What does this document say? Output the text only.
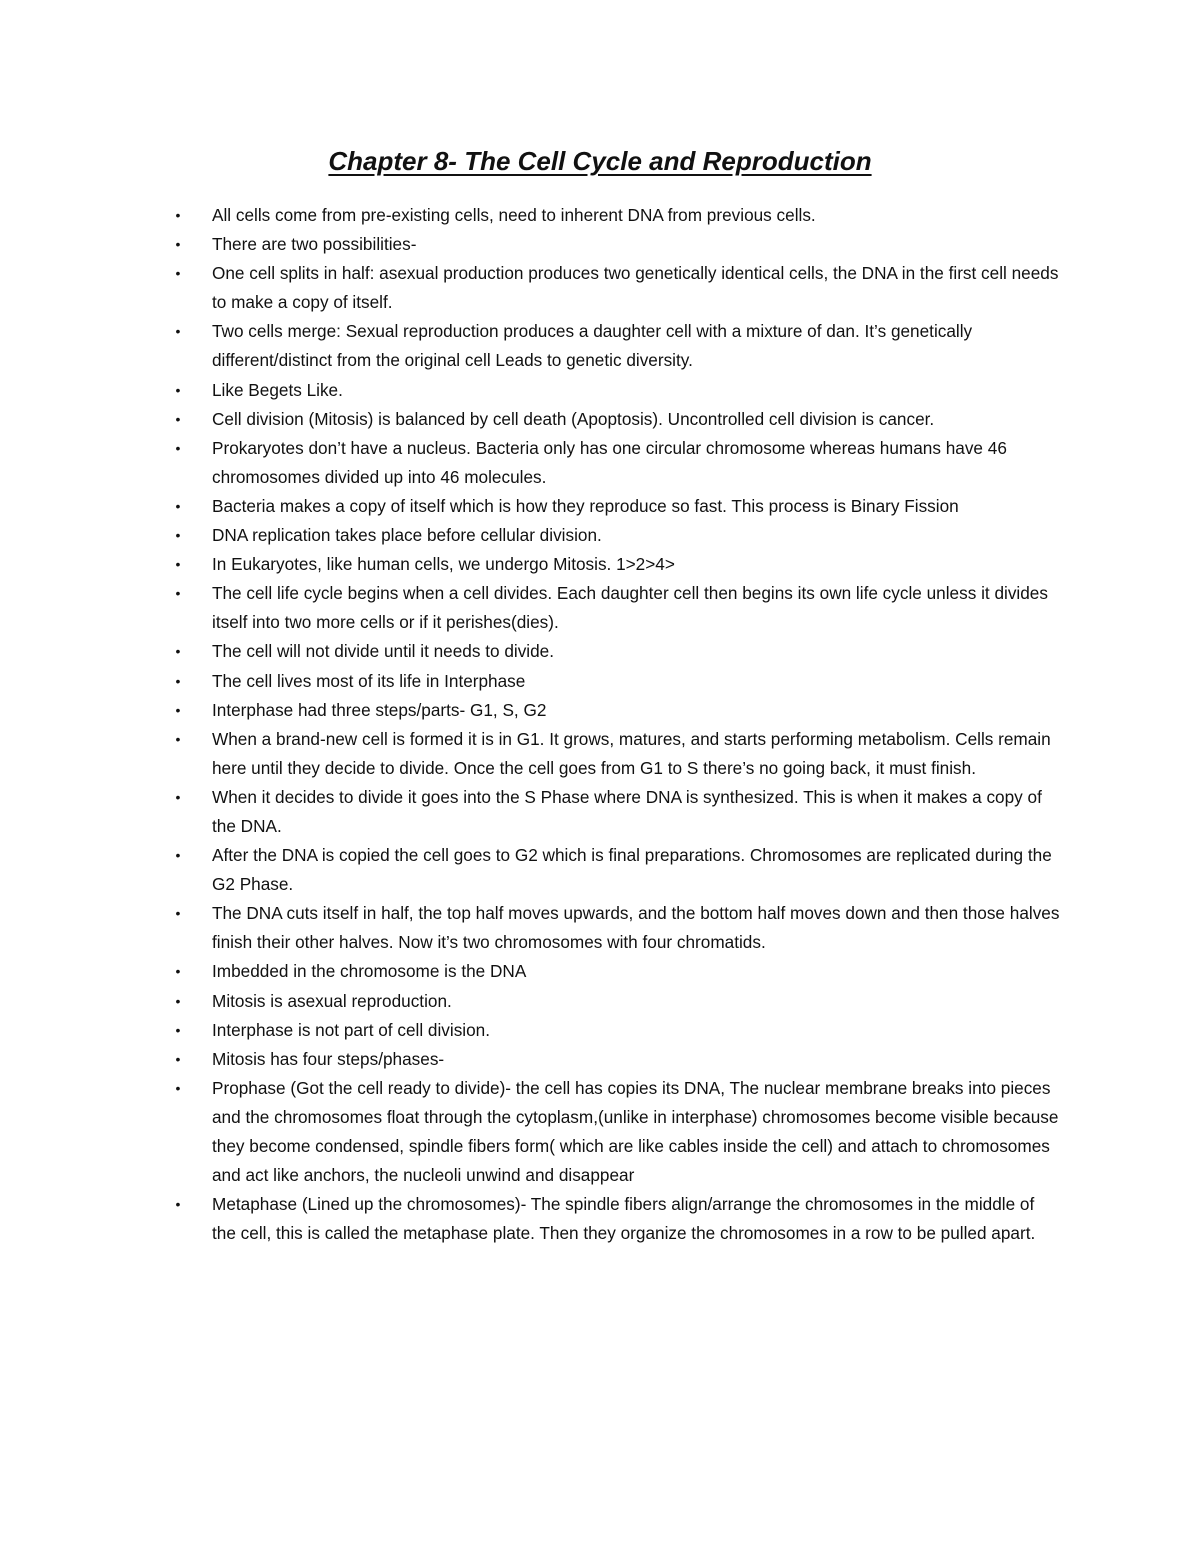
Chapter 8- The Cell Cycle and Reproduction
• All cells come from pre-existing cells, need to inherent DNA from previous cells.
• There are two possibilities-
• One cell splits in half: asexual production produces two genetically identical cells, the DNA in the first cell needs to make a copy of itself.
• Two cells merge: Sexual reproduction produces a daughter cell with a mixture of dan. It’s genetically different/distinct from the original cell Leads to genetic diversity.
• Like Begets Like.
• Cell division (Mitosis) is balanced by cell death (Apoptosis). Uncontrolled cell division is cancer.
• Prokaryotes don’t have a nucleus. Bacteria only has one circular chromosome whereas humans have 46 chromosomes divided up into 46 molecules.
• Bacteria makes a copy of itself which is how they reproduce so fast. This process is Binary Fission
• DNA replication takes place before cellular division.
• In Eukaryotes, like human cells, we undergo Mitosis. 1>2>4>
• The cell life cycle begins when a cell divides. Each daughter cell then begins its own life cycle unless it divides itself into two more cells or if it perishes(dies).
• The cell will not divide until it needs to divide.
• The cell lives most of its life in Interphase
• Interphase had three steps/parts- G1, S, G2
• When a brand-new cell is formed it is in G1. It grows, matures, and starts performing metabolism. Cells remain here until they decide to divide. Once the cell goes from G1 to S there’s no going back, it must finish.
• When it decides to divide it goes into the S Phase where DNA is synthesized. This is when it makes a copy of the DNA.
• After the DNA is copied the cell goes to G2 which is final preparations. Chromosomes are replicated during the G2 Phase.
• The DNA cuts itself in half, the top half moves upwards, and the bottom half moves down and then those halves finish their other halves. Now it’s two chromosomes with four chromatids.
• Imbedded in the chromosome is the DNA
• Mitosis is asexual reproduction.
• Interphase is not part of cell division.
• Mitosis has four steps/phases-
• Prophase (Got the cell ready to divide)- the cell has copies its DNA, The nuclear membrane breaks into pieces and the chromosomes float through the cytoplasm,(unlike in interphase) chromosomes become visible because they become condensed, spindle fibers form( which are like cables inside the cell) and attach to chromosomes and act like anchors, the nucleoli unwind and disappear
• Metaphase (Lined up the chromosomes)- The spindle fibers align/arrange the chromosomes in the middle of the cell, this is called the metaphase plate. Then they organize the chromosomes in a row to be pulled apart.
